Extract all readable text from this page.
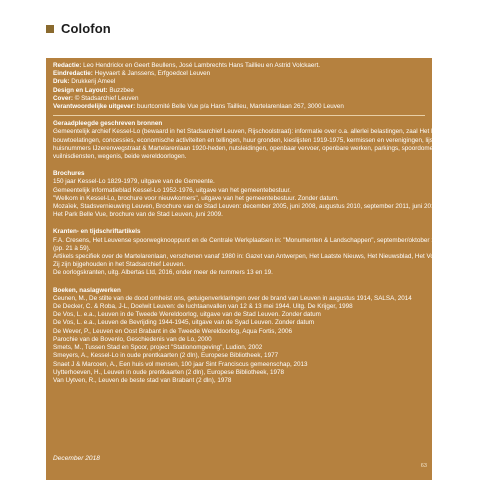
Colofon
Redactie: Leo Hendrickx en Geert Beullens, José Lambrechts Hans Taillieu en Astrid Volckaert.
Eindredactie: Heyvaert & Janssens, Erfgoedcel Leuven
Druk: Drukkerij Ameel
Design en Layout: Buzzbee
Cover: © Stadsarchief Leuven
Verantwoordelijke uitgever: buurtcomité Belle Vue p/a Hans Taillieu, Martelarenlaan 267, 3000 Leuven
Geraadpleegde geschreven bronnen
Gemeentelijk archief Kessel-Lo (bewaard in het Stadsarchief Leuven, Rijschoolstraat): informatie over o.a. allerlei belastingen, zaal Het Bad,
bouwtoelatingen, concessies, economische activiteiten en tellingen, huur gronden, kieslijsten 1919-1975, kermissen en verenigingen, lijst met
huisnummers IJzerenwegstraat & Martelarenlaan 1920-heden, nutsleidingen, openbaar vervoer, openbare werken, parkings, spoordomein,
vuilnisdiensten, wegenis, beide wereldoorlogen.
Brochures
150 jaar Kessel-Lo 1829-1979, uitgave van de Gemeente.
Gemeentelijk informatieblad Kessel-Lo 1952-1976, uitgave van het gemeentebestuur.
"Welkom in Kessel-Lo, brochure voor nieuwkomers", uitgave van het gemeentebestuur. Zonder datum.
Mozaïek, Stadsvernieuwing Leuven, Brochure van de Stad Leuven: december 2005, juni 2008, augustus 2010, september 2011, juni 2012.
Het Park Belle Vue, brochure van de Stad Leuven, juni 2009.
Kranten- en tijdschriftartikels
F.A. Cresens, Het Leuvense spoorwegknooppunt en de Centrale Werkplaatsen in: "Monumenten & Landschappen", september/oktober 1995
(pp. 21 à 59).
Artikels specifiek over de Martelarenlaan, verschenen vanaf 1980 in: Gazet van Antwerpen, Het Laatste Nieuws, Het Nieuwsblad, Het Volk.
Zij zijn bijgehouden in het Stadsarchief Leuven.
De oorlogskranten, uitg. Albertas Ltd, 2016, onder meer de nummers 13 en 19.
Boeken, naslagwerken
Ceunen, M., De stilte van de dood omheist ons, getuigenverklaringen over de brand van Leuven in augustus 1914, SALSA, 2014
De Decker, C. & Roba, J-L, Doelwit Leuven: de luchtaanvallen van 12 & 13 mei 1944. Uitg. De Krijger, 1998
De Vos, L. e.a., Leuven in de Tweede Wereldoorlog, uitgave van de Stad Leuven. Zonder datum
De Vos, L. e.a., Leuven de Bevrijding 1944-1945, uitgave van de Syad Leuven. Zonder datum
De Wever, P., Leuven en Oost Brabant in de Tweede Wereldoorlog, Aqua Fortis, 2006
Parochie van de Bovenlo, Geschiedenis van de Lo, 2000
Smets, M., Tussen Stad en Spoor, project "Stationomgeving", Ludion, 2002
Smeyers, A., Kessel-Lo in oude prentkaarten (2 dln), Europese Bibliotheek, 1977
Snaet J & Marcoen, A., Een huis vol mensen, 100 jaar Sint Franciscus gemeenschap, 2013
Uytterhoeven, H., Leuven in oude prentkaarten (2 dln), Europese Bibliotheek, 1978
Van Uytven, R., Leuven de beste stad van Brabant (2 dln), 1978
December 2018
63
